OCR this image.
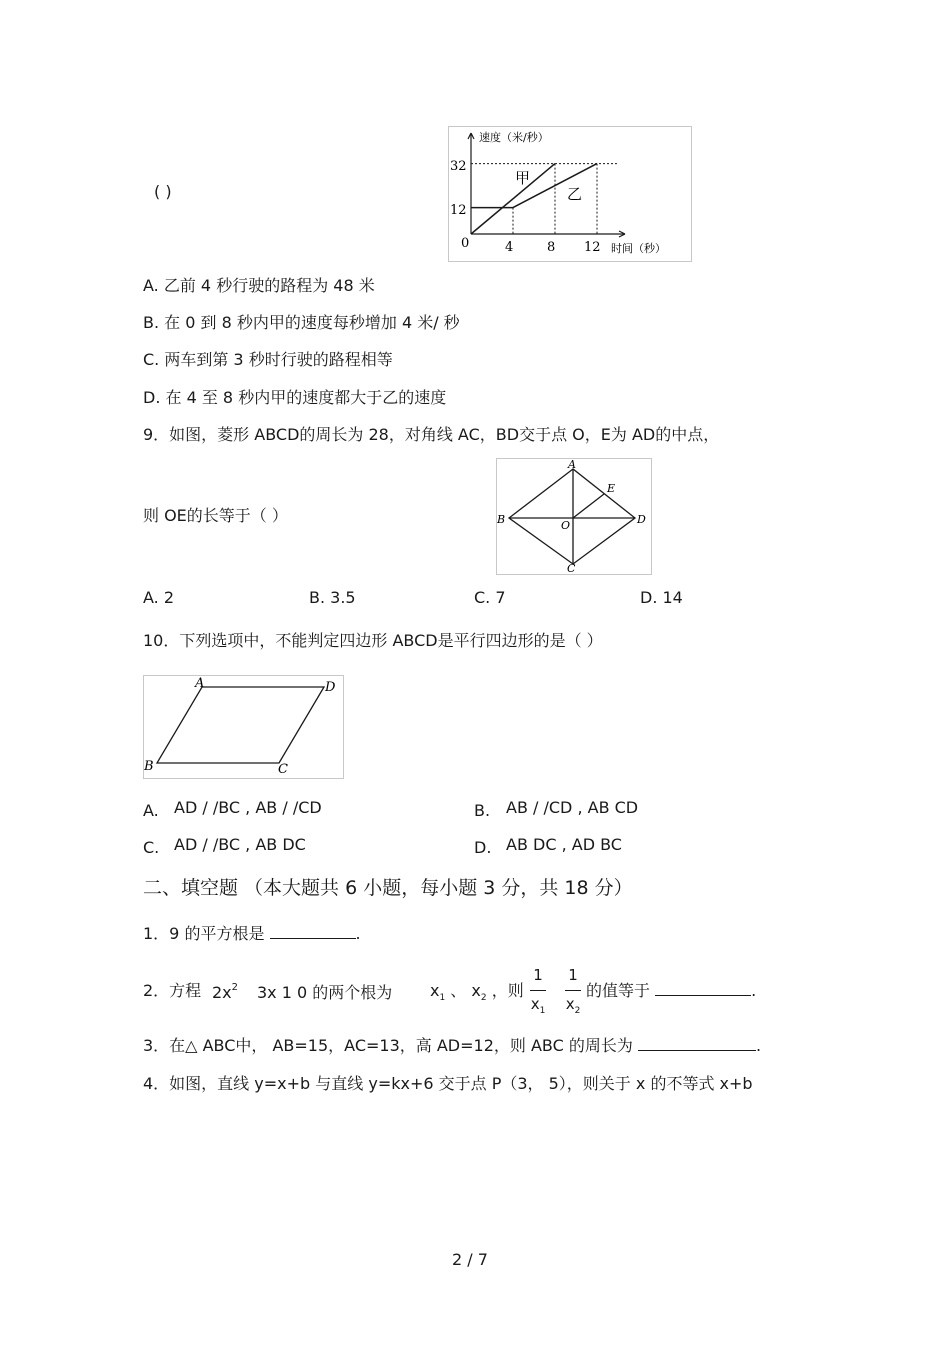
( )
速度（米/秒）
时间（秒）
0
32
12
4	8 12
甲
乙
A. 乙前 4 秒行驶的路程为 48 米
B. 在 0 到 8 秒内甲的速度每秒增加 4 米/ 秒
C. 两车到第 3 秒时行驶的路程相等
D. 在 4 至 8 秒内甲的速度都大于乙的速度
9．如图，菱形 ABCD的周长为 28，对角线 AC，BD交于点 O，E为 AD的中点，
则 OE的长等于（ ）
A
B
C
D
E
O
A. 2	B. 3.5	C. 7	D. 14
10．下列选项中，不能判定四边形 ABCD是平行四边形的是（ ）
A	D
B	C
A. AD / /BC , AB / /CD	B. AB / /CD , AB CD
C. AD / /BC , AB DC	D. AB DC , AD BC
二、填空题 （本大题共 6 小题，每小题 3 分，共 18 分）
1．9 的平方根是	.
2．方程 $2x^2$ 3x 1 0 的两个根为 $x_1$ 、 $x_2$ ，则
1
$x_1$
1
$x_2$
的值等于	.
3．在△ ABC中， AB=15，AC=13，高 AD=12，则 ABC 的周长为	.
4．如图，直线 y=x+b 与直线 y=kx+6 交于点 P（3， 5），则关于 x 的不等式 x+b
2 / 7
